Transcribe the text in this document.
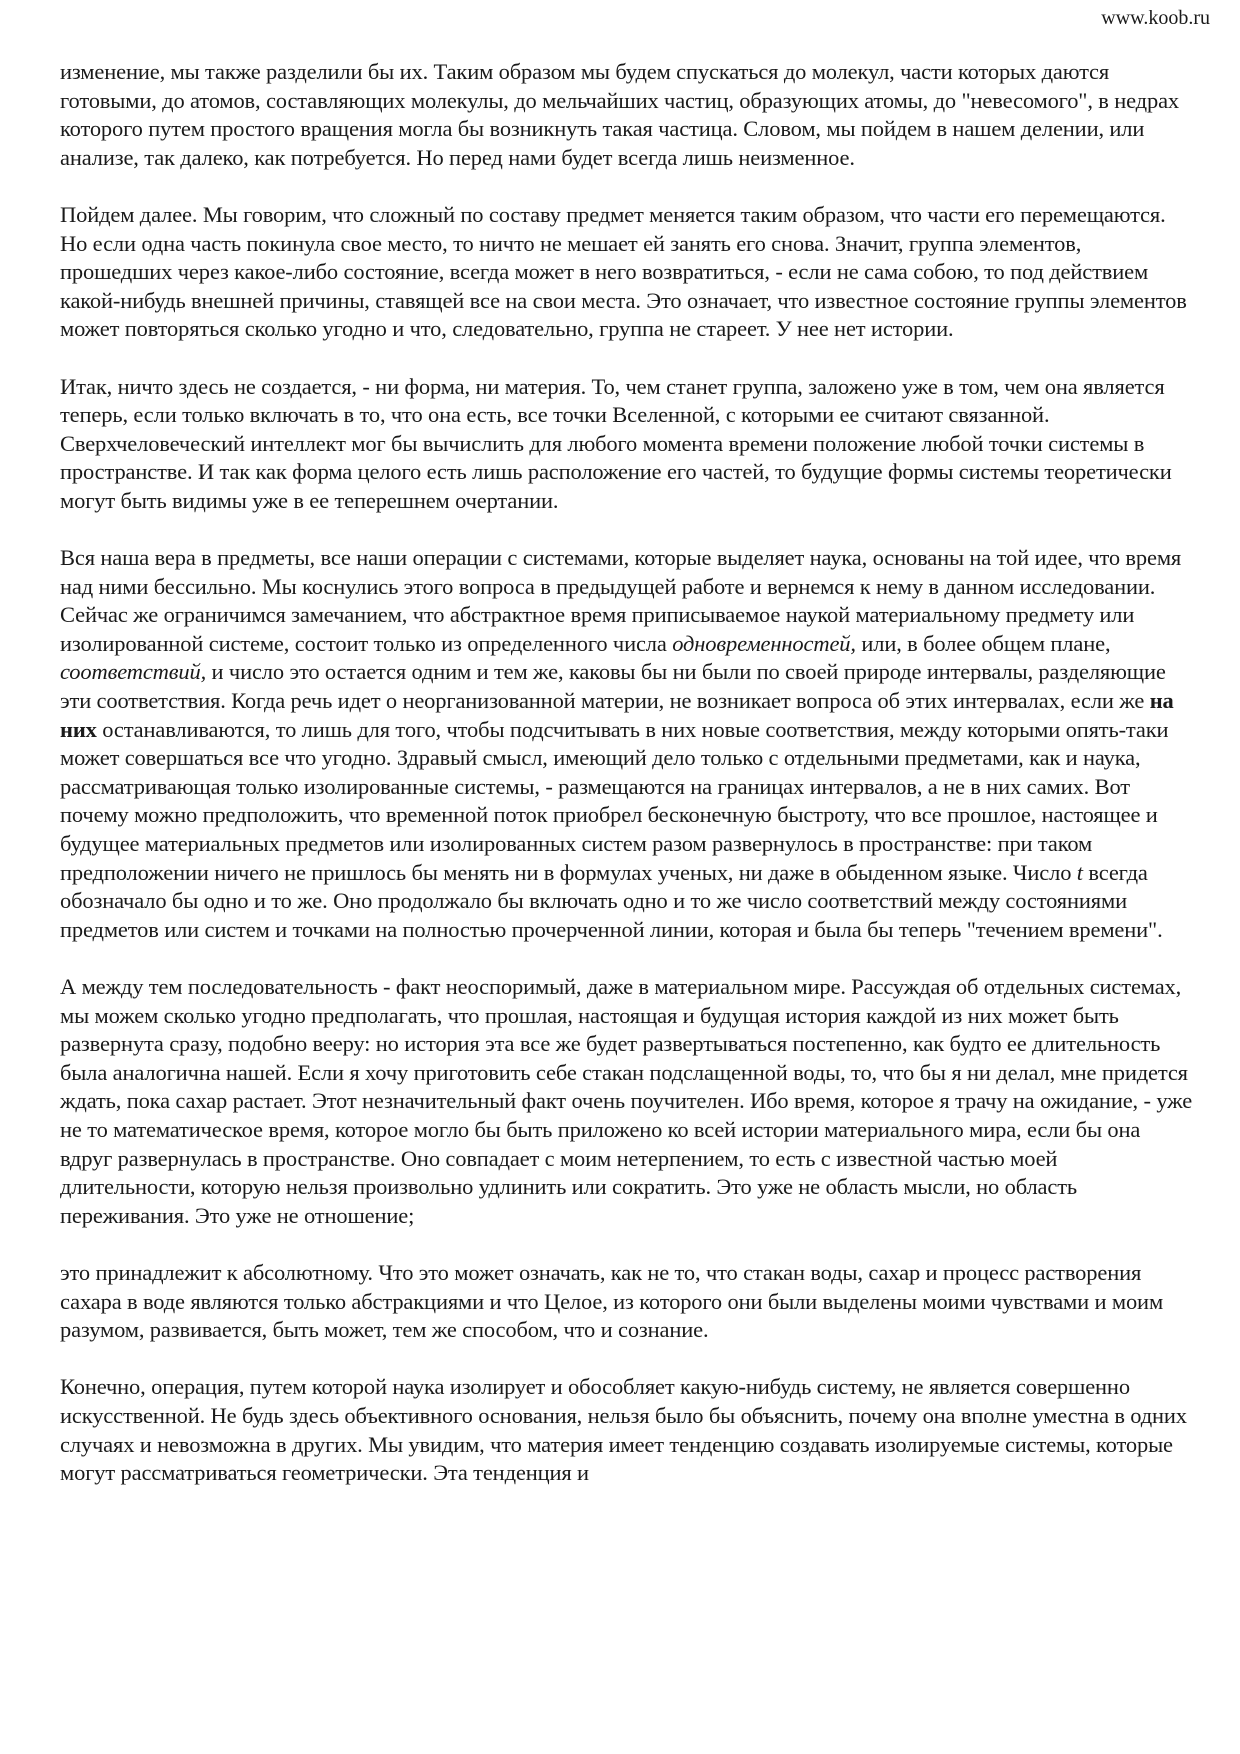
www.koob.ru

изменение, мы также разделили бы их. Таким образом мы будем спускаться до молекул, части которых даются готовыми, до атомов, составляющих молекулы, до мельчайших частиц, образующих атомы, до "невесомого", в недрах которого путем простого вращения могла бы возникнуть такая частица. Словом, мы пойдем в нашем делении, или анализе, так далеко, как потребуется. Но перед нами будет всегда лишь неизменное.

Пойдем далее. Мы говорим, что сложный по составу предмет меняется таким образом, что части его перемещаются. Но если одна часть покинула свое место, то ничто не мешает ей занять его снова. Значит, группа элементов, прошедших через какое-либо состояние, всегда может в него возвратиться, - если не сама собою, то под действием какой-нибудь внешней причины, ставящей все на свои места. Это означает, что известное состояние группы элементов может повторяться сколько угодно и что, следовательно, группа не стареет. У нее нет истории.

Итак, ничто здесь не создается, - ни форма, ни материя. То, чем станет группа, заложено уже в том, чем она является теперь, если только включать в то, что она есть, все точки Вселенной, с которыми ее считают связанной. Сверхчеловеческий интеллект мог бы вычислить для любого момента времени положение любой точки системы в пространстве. И так как форма целого есть лишь расположение его частей, то будущие формы системы теоретически могут быть видимы уже в ее теперешнем очертании.

Вся наша вера в предметы, все наши операции с системами, которые выделяет наука, основаны на той идее, что время над ними бессильно. Мы коснулись этого вопроса в предыдущей работе и вернемся к нему в данном исследовании. Сейчас же ограничимся замечанием, что абстрактное время приписываемое наукой материальному предмету или изолированной системе, состоит только из определенного числа одновременностей, или, в более общем плане, соответствий, и число это остается одним и тем же, каковы бы ни были по своей природе интервалы, разделяющие эти соответствия. Когда речь идет о неорганизованной материи, не возникает вопроса об этих интервалах, если же на них останавливаются, то лишь для того, чтобы подсчитывать в них новые соответствия, между которыми опять-таки может совершаться все что угодно. Здравый смысл, имеющий дело только с отдельными предметами, как и наука, рассматривающая только изолированные системы, - размещаются на границах интервалов, а не в них самих. Вот почему можно предположить, что временной поток приобрел бесконечную быстроту, что все прошлое, настоящее и будущее материальных предметов или изолированных систем разом развернулось в пространстве: при таком предположении ничего не пришлось бы менять ни в формулах ученых, ни даже в обыденном языке. Число t всегда обозначало бы одно и то же. Оно продолжало бы включать одно и то же число соответствий между состояниями предметов или систем и точками на полностью прочерченной линии, которая и была бы теперь "течением времени".

А между тем последовательность - факт неоспоримый, даже в материальном мире. Рассуждая об отдельных системах, мы можем сколько угодно предполагать, что прошлая, настоящая и будущая история каждой из них может быть развернута сразу, подобно вееру: но история эта все же будет развертываться постепенно, как будто ее длительность была аналогична нашей. Если я хочу приготовить себе стакан подслащенной воды, то, что бы я ни делал, мне придется ждать, пока сахар растает. Этот незначительный факт очень поучителен. Ибо время, которое я трачу на ожидание, - уже не то математическое время, которое могло бы быть приложено ко всей истории материального мира, если бы она вдруг развернулась в пространстве. Оно совпадает с моим нетерпением, то есть с известной частью моей длительности, которую нельзя произвольно удлинить или сократить. Это уже не область мысли, но область переживания. Это уже не отношение;

это принадлежит к абсолютному. Что это может означать, как не то, что стакан воды, сахар и процесс растворения сахара в воде являются только абстракциями и что Целое, из которого они были выделены моими чувствами и моим разумом, развивается, быть может, тем же способом, что и сознание.

Конечно, операция, путем которой наука изолирует и обособляет какую-нибудь систему, не является совершенно искусственной. Не будь здесь объективного основания, нельзя было бы объяснить, почему она вполне уместна в одних случаях и невозможна в других. Мы увидим, что материя имеет тенденцию создавать изолируемые системы, которые могут рассматриваться геометрически. Эта тенденция и
